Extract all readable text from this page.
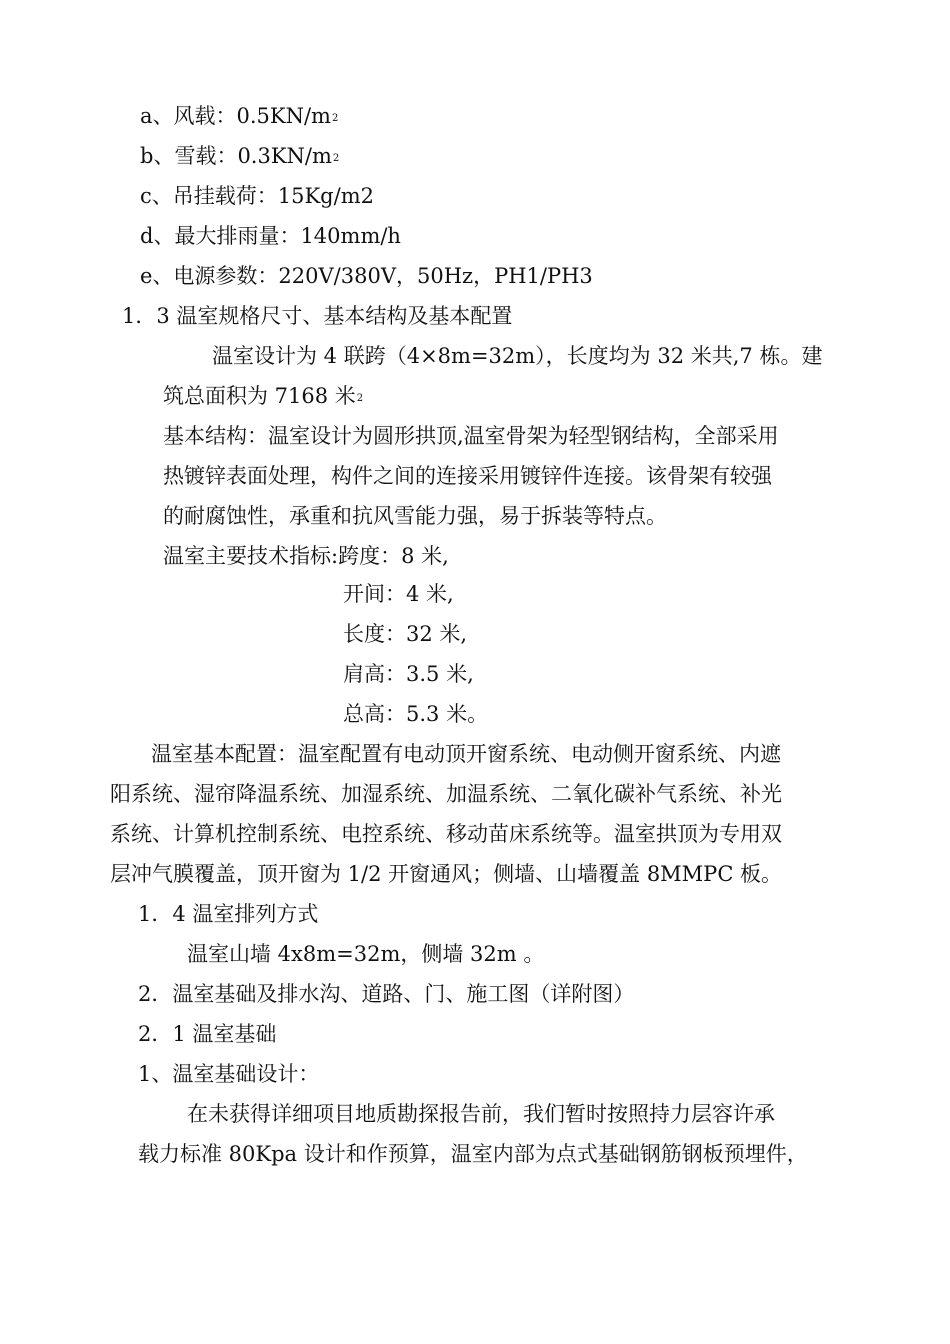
a、风载：$0.5KN/m^2$
b、雪载：$0.3KN/m^2$
c、吊挂载荷：15Kg/m2
d、最大排雨量：140mm/h
e、电源参数：220V/380V，50Hz，PH1/PH3
1．3 温室规格尺寸、基本结构及基本配置
温室设计为 4 联跨（4×8m=32m），长度均为 32 米共,7 栋。建
筑总面积为 7168 米$^2$
基本结构：温室设计为圆形拱顶,温室骨架为轻型钢结构，全部采用
热镀锌表面处理，构件之间的连接采用镀锌件连接。该骨架有较强
的耐腐蚀性，承重和抗风雪能力强，易于拆装等特点。
温室主要技术指标:跨度：8 米,
开间：4 米,
长度：32 米,
肩高：3.5 米,
总高：5.3 米。
温室基本配置：温室配置有电动顶开窗系统、电动侧开窗系统、内遮
阳系统、湿帘降温系统、加湿系统、加温系统、二氧化碳补气系统、补光
系统、计算机控制系统、电控系统、移动苗床系统等。温室拱顶为专用双
层冲气膜覆盖，顶开窗为 1/2 开窗通风；侧墙、山墙覆盖 8MMPC 板。
1．4 温室排列方式
温室山墙 4x8m=32m，侧墙 32m 。
2．温室基础及排水沟、道路、门、施工图（详附图）
2．1 温室基础
1、温室基础设计：
在未获得详细项目地质勘探报告前，我们暂时按照持力层容许承
载力标准 80Kpa 设计和作预算，温室内部为点式基础钢筋钢板预埋件，
